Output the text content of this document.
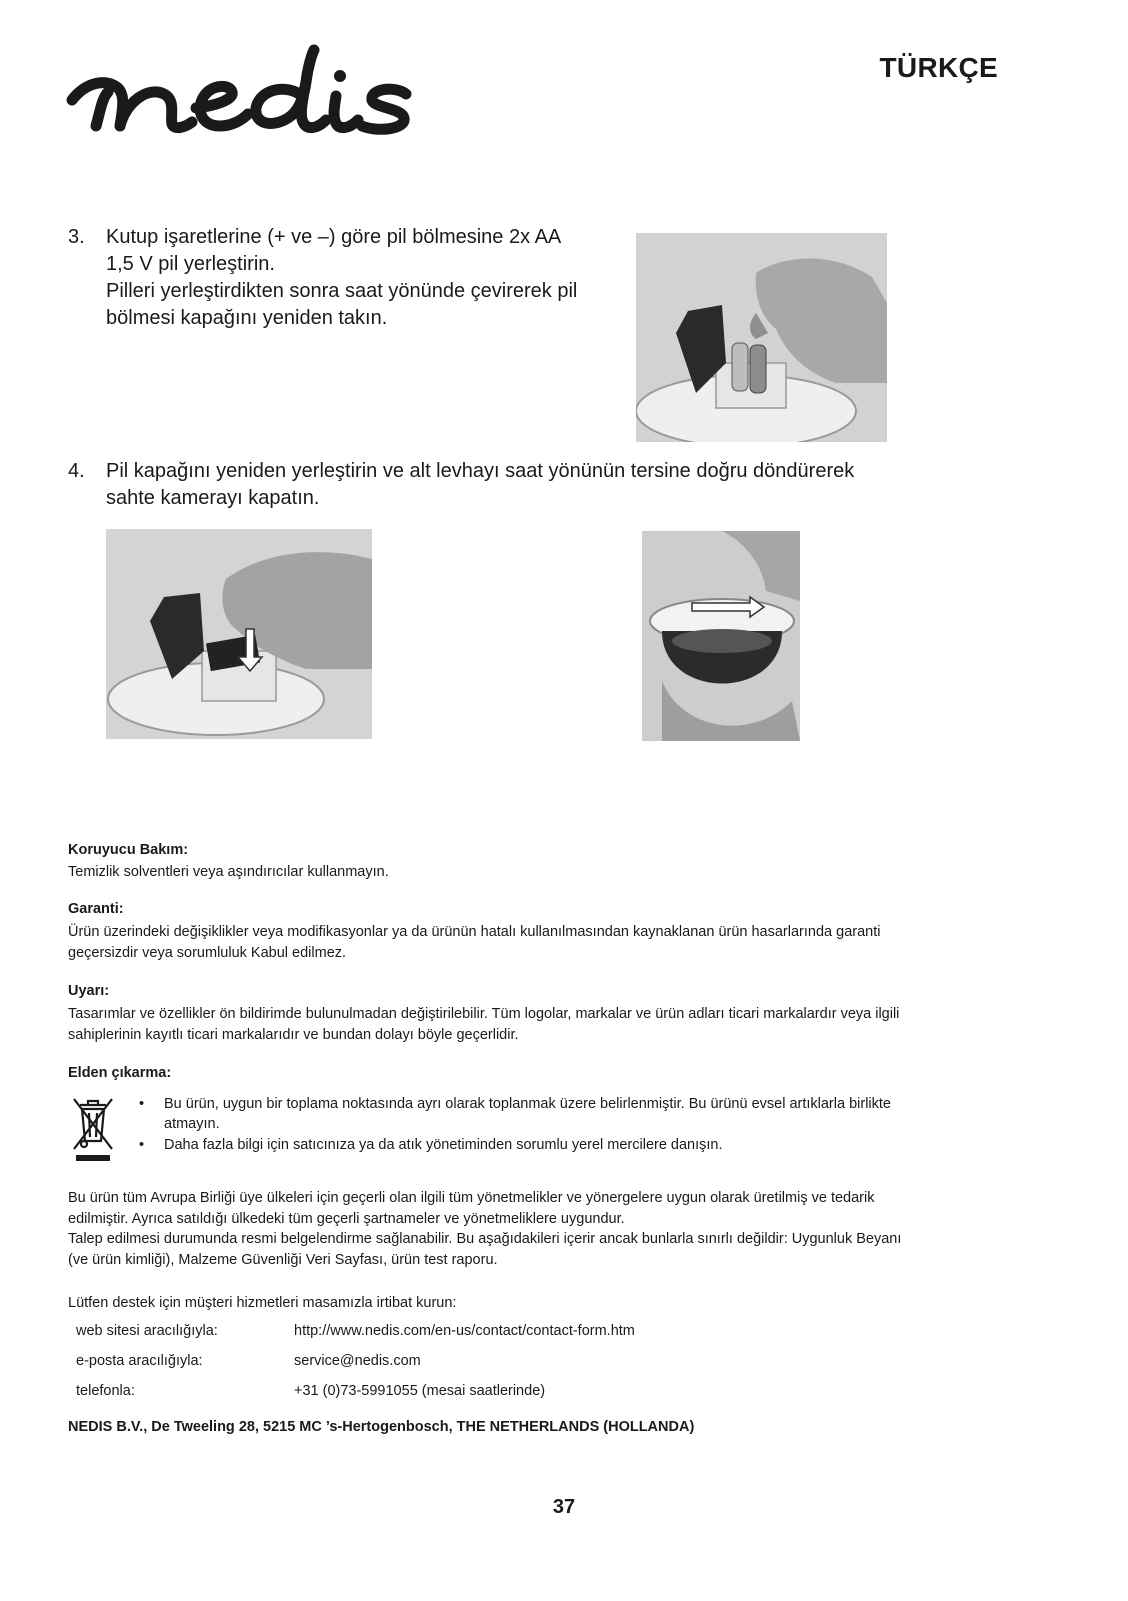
TÜRKÇE
3. Kutup işaretlerine (+ ve –) göre pil bölmesine 2x AA
1,5 V pil yerleştirin.
Pilleri yerleştirdikten sonra saat yönünde çevirerek pil
bölmesi kapağını yeniden takın.
4. Pil kapağını yeniden yerleştirin ve alt levhayı saat yönünün tersine doğru döndürerek
sahte kamerayı kapatın.
Koruyucu Bakım:
Temizlik solventleri veya aşındırıcılar kullanmayın.
Garanti:
Ürün üzerindeki değişiklikler veya modifikasyonlar ya da ürünün hatalı kullanılmasından kaynaklanan ürün hasarlarında garanti
geçersizdir veya sorumluluk Kabul edilmez.
Uyarı:
Tasarımlar ve özellikler ön bildirimde bulunulmadan değiştirilebilir. Tüm logolar, markalar ve ürün adları ticari markalardır veya ilgili
sahiplerinin kayıtlı ticari markalarıdır ve bundan dolayı böyle geçerlidir.
Elden çıkarma:
• Bu ürün, uygun bir toplama noktasında ayrı olarak toplanmak üzere belirlenmiştir. Bu ürünü evsel artıklarla birlikte
atmayın.
• Daha fazla bilgi için satıcınıza ya da atık yönetiminden sorumlu yerel mercilere danışın.
Bu ürün tüm Avrupa Birliği üye ülkeleri için geçerli olan ilgili tüm yönetmelikler ve yönergelere uygun olarak üretilmiş ve tedarik
edilmiştir. Ayrıca satıldığı ülkedeki tüm geçerli şartnameler ve yönetmeliklere uygundur.
Talep edilmesi durumunda resmi belgelendirme sağlanabilir. Bu aşağıdakileri içerir ancak bunlarla sınırlı değildir: Uygunluk Beyanı
(ve ürün kimliği), Malzeme Güvenliği Veri Sayfası, ürün test raporu.
Lütfen destek için müşteri hizmetleri masamızla irtibat kurun:
web sitesi aracılığıyla:	http://www.nedis.com/en-us/contact/contact-form.htm
e-posta aracılığıyla:	service@nedis.com
telefonla:	+31 (0)73-5991055 (mesai saatlerinde)
NEDIS B.V., De Tweeling 28, 5215 MC ’s-Hertogenbosch, THE NETHERLANDS (HOLLANDA)
37
